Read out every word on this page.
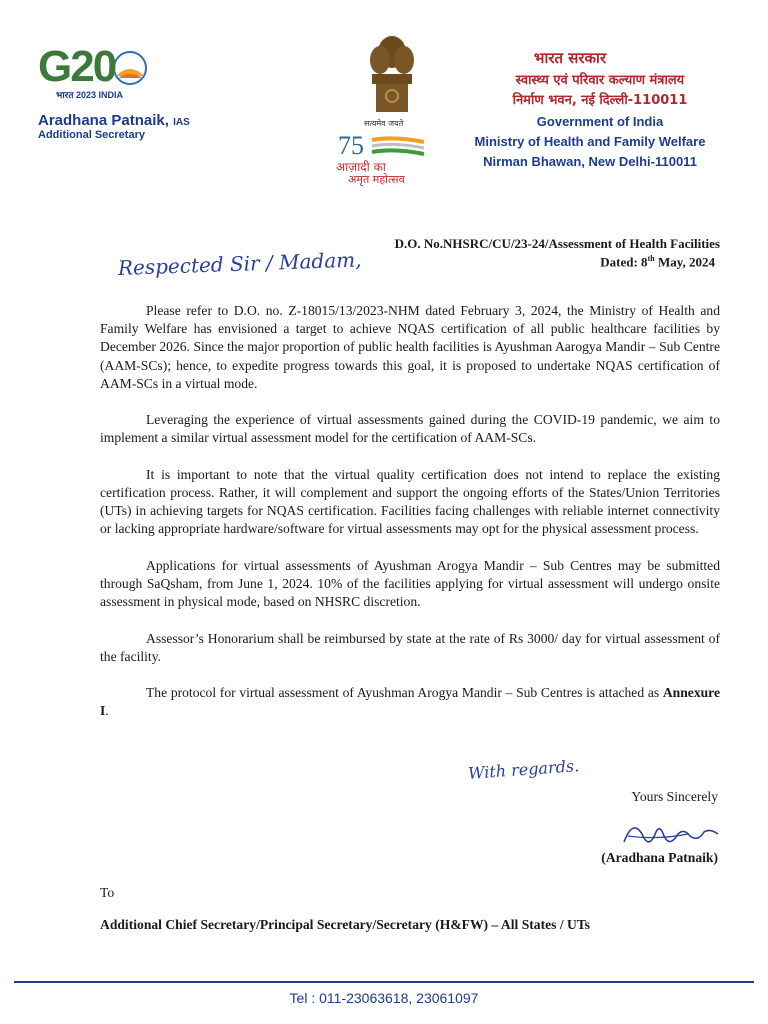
G20
भारत 2023 INDIA
Aradhana Patnaik, IAS
Additional Secretary
सत्यमेव जयते
75
आज़ादी का
अमृत महोत्सव
भारत सरकार
स्वास्थ्य एवं परिवार कल्याण मंत्रालय
निर्माण भवन, नई दिल्ली-110011
Government of India
Ministry of Health and Family Welfare
Nirman Bhawan, New Delhi-110011
D.O. No.NHSRC/CU/23-24/Assessment of Health Facilities
Dated: 8th May, 2024
Respected Sir / Madam,

Please refer to D.O. no. Z-18015/13/2023-NHM dated February 3, 2024, the Ministry of Health and Family Welfare has envisioned a target to achieve NQAS certification of all public healthcare facilities by December 2026. Since the major proportion of public health facilities is Ayushman Aarogya Mandir – Sub Centre (AAM-SCs); hence, to expedite progress towards this goal, it is proposed to undertake NQAS certification of AAM-SCs in a virtual mode.

Leveraging the experience of virtual assessments gained during the COVID-19 pandemic, we aim to implement a similar virtual assessment model for the certification of AAM-SCs.

It is important to note that the virtual quality certification does not intend to replace the existing certification process. Rather, it will complement and support the ongoing efforts of the States/Union Territories (UTs) in achieving targets for NQAS certification. Facilities facing challenges with reliable internet connectivity or lacking appropriate hardware/software for virtual assessments may opt for the physical assessment process.

Applications for virtual assessments of Ayushman Arogya Mandir – Sub Centres may be submitted through SaQsham, from June 1, 2024. 10% of the facilities applying for virtual assessment will undergo onsite assessment in physical mode, based on NHSRC discretion.

Assessor’s Honorarium shall be reimbursed by state at the rate of Rs 3000/ day for virtual assessment of the facility.

The protocol for virtual assessment of Ayushman Arogya Mandir – Sub Centres is attached as Annexure I.

With regards.
Yours Sincerely
(Aradhana Patnaik)
To
Additional Chief Secretary/Principal Secretary/Secretary (H&FW) – All States / UTs
Tel : 011-23063618, 23061097
